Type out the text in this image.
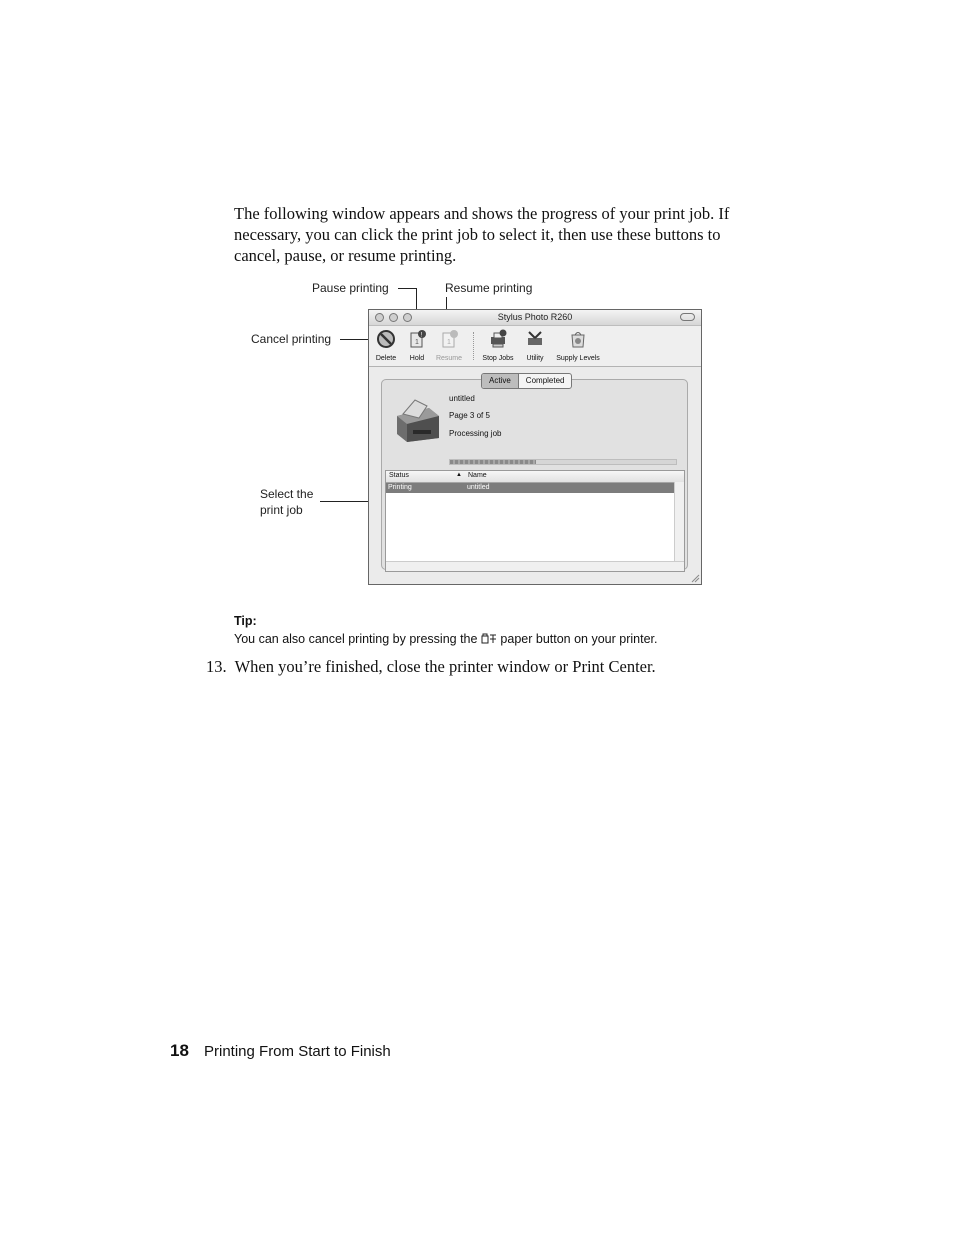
The following window appears and shows the progress of your print job. If necessary, you can click the print job to select it, then use these buttons to cancel, pause, or resume printing.

Pause printing	Resume printing
Cancel printing
Select the
print job
Stylus Photo R260
Delete
1
!
Hold
1
Resume	Stop Jobs	Utility	Supply Levels
Active	Completed
untitled
Page 3 of 5
Processing job
Status	▲ Name
Printing	untitled
Tip:
You can also cancel printing by pressing the paper button on your printer.
13. When you’re finished, close the printer window or Print Center.
18 Printing From Start to Finish
